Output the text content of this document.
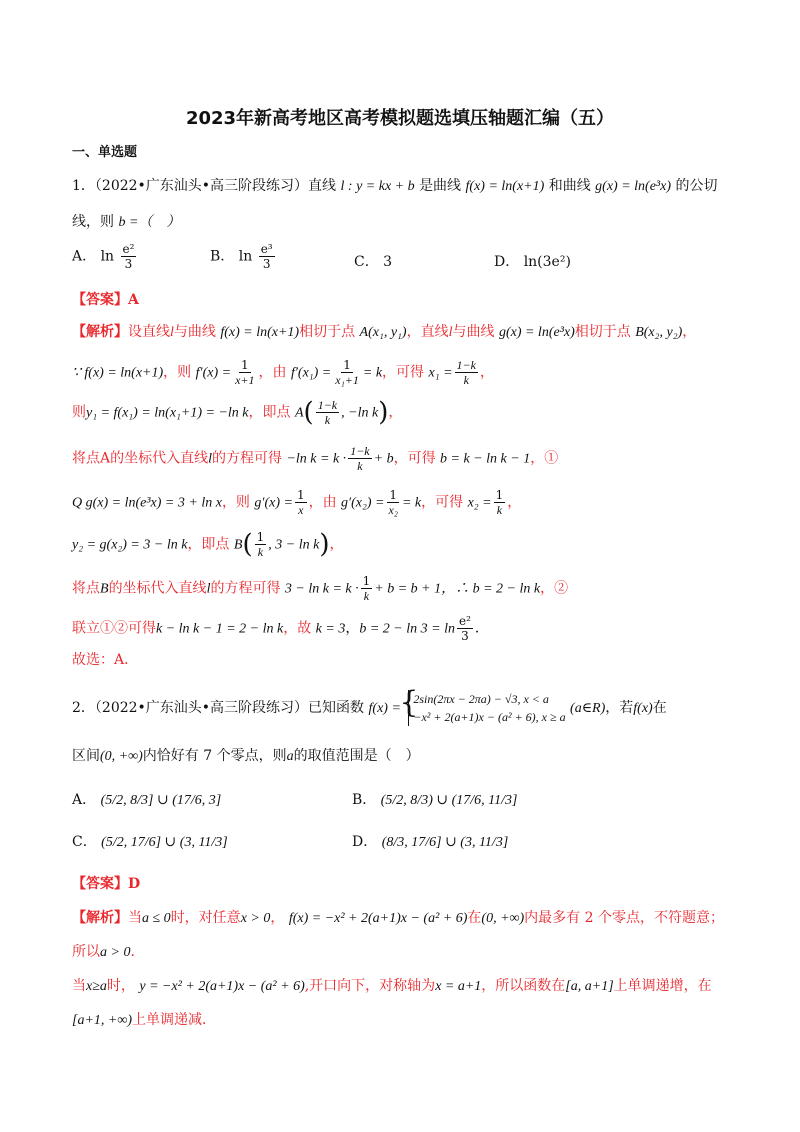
2023年新高考地区高考模拟题选填压轴题汇编（五）
一、单选题
1．（2022•广东汕头•高三阶段练习）直线 l : y = kx + b 是曲线 f(x) = ln(x+1) 和曲线 g(x) = ln(e³x) 的公切
线，则 b =（　）
A． $\ln \frac{\text{e²}}{3}$	B． $\ln \frac{\text{e³}}{3}$	C． 3	D． ln(3e²)
【答案】A
【解析】设直线l与曲线 f(x) = ln(x+1)相切于点 A(x₁, y₁)，直线l与曲线 g(x) = ln(e³x)相切于点 B(x₂, y₂)，
∵ f(x) = ln(x+1)，则 $f'(x) = \frac{1}{x+1}$ ，由 $f'(x_1) = \frac{1}{\text{x₁+1}} = k$，可得 $x_1 = \frac{1-k}{k}$ ，
则y₁ = f(x₁) = ln(x₁+1) = −ln k，即点 $A( \frac{1-k}{k}$ , −ln k)，
将点A的坐标代入直线l的方程可得 −ln $k = k \cdot \frac{1-k}{k} + b$，可得 b = k − ln k − 1，①
Q g(x) = ln(e³x) = 3 + ln x，则 $g'(x) = \frac{1}{x}$ ，由 $g'(x_2) = \frac{1}{\text{x₂}} = k$，可得 $x_2 = \frac{1}{k}$ ，
y₂ = g(x₂) = 3 − ln k，即点 $B( \frac{1}{k}$ , 3 − ln k)，
将点B的坐标代入直线l的方程可得 $3 - \ln k = k \cdot \frac{1}{k} + b = b + 1$，∴ b = 2 − ln k，②
联立①②可得k − ln k − 1 = 2 − ln k，故 k = 3，$b = 2 - \ln 3 = \ln \frac{\text{e²}}{3}$ ．
故选：A．
2．（2022•广东汕头•高三阶段练习）已知函数 f(x) =
{ 2sin(2πx − 2πa) − √3, x < a
−x² + 2(a+1)x − (a² + 6), x ≥ a
(a∈R)，若f(x)在
区间(0, +∞)内恰好有 7 个零点，则a的取值范围是（　）
A． (5/2, 8/3] ∪ (17/6, 3]	B． (5/2, 8/3) ∪ (17/6, 11/3]
C． (5/2, 17/6] ∪ (3, 11/3]	D． (8/3, 17/6] ∪ (3, 11/3]
【答案】D
【解析】当a ≤ 0时，对任意x > 0， f(x) = −x² + 2(a+1)x − (a² + 6)在(0, +∞)内最多有 2 个零点，不符题意；
所以a > 0．
当x≥a时， y = −x² + 2(a+1)x − (a² + 6),开口向下，对称轴为x = a+1，所以函数在[a, a+1]上单调递增，在
[a+1, +∞)上单调递减．
